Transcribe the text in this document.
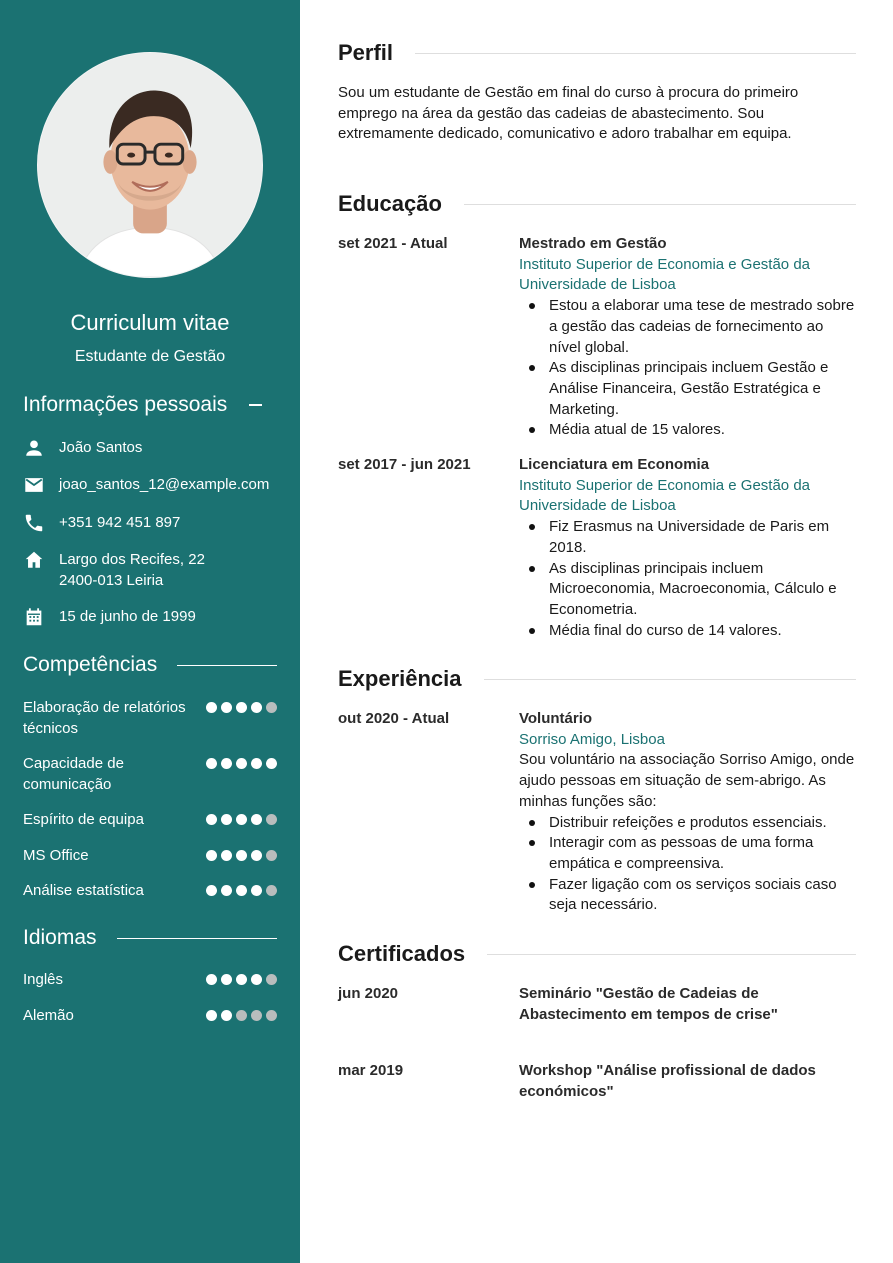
Curriculum vitae
Estudante de Gestão
Informações pessoais
João Santos
joao_santos_12@example.com
+351 942 451 897
Largo dos Recifes, 22
2400-013 Leiria
15 de junho de 1999
Competências
Elaboração de relatórios técnicos
Capacidade de comunicação
Espírito de equipa
MS Office
Análise estatística
Idiomas
Inglês
Alemão
Perfil
Sou um estudante de Gestão em final do curso à procura do primeiro emprego na área da gestão das cadeias de abastecimento. Sou extremamente dedicado, comunicativo e adoro trabalhar em equipa.
Educação
set 2021 - Atual	Mestrado em Gestão
Instituto Superior de Economia e Gestão da Universidade de Lisboa
Estou a elaborar uma tese de mestrado sobre a gestão das cadeias de fornecimento ao nível global.
As disciplinas principais incluem Gestão e Análise Financeira, Gestão Estratégica e Marketing.
Média atual de 15 valores.
set 2017 - jun 2021	Licenciatura em Economia
Instituto Superior de Economia e Gestão da Universidade de Lisboa
Fiz Erasmus na Universidade de Paris em 2018.
As disciplinas principais incluem Microeconomia, Macroeconomia, Cálculo e Econometria.
Média final do curso de 14 valores.
Experiência
out 2020 - Atual	Voluntário
Sorriso Amigo, Lisboa
Sou voluntário na associação Sorriso Amigo, onde ajudo pessoas em situação de sem-abrigo. As minhas funções são:
Distribuir refeições e produtos essenciais.
Interagir com as pessoas de uma forma empática e compreensiva.
Fazer ligação com os serviços sociais caso seja necessário.
Certificados
jun 2020	Seminário "Gestão de Cadeias de Abastecimento em tempos de crise"
mar 2019	Workshop "Análise profissional de dados económicos"
